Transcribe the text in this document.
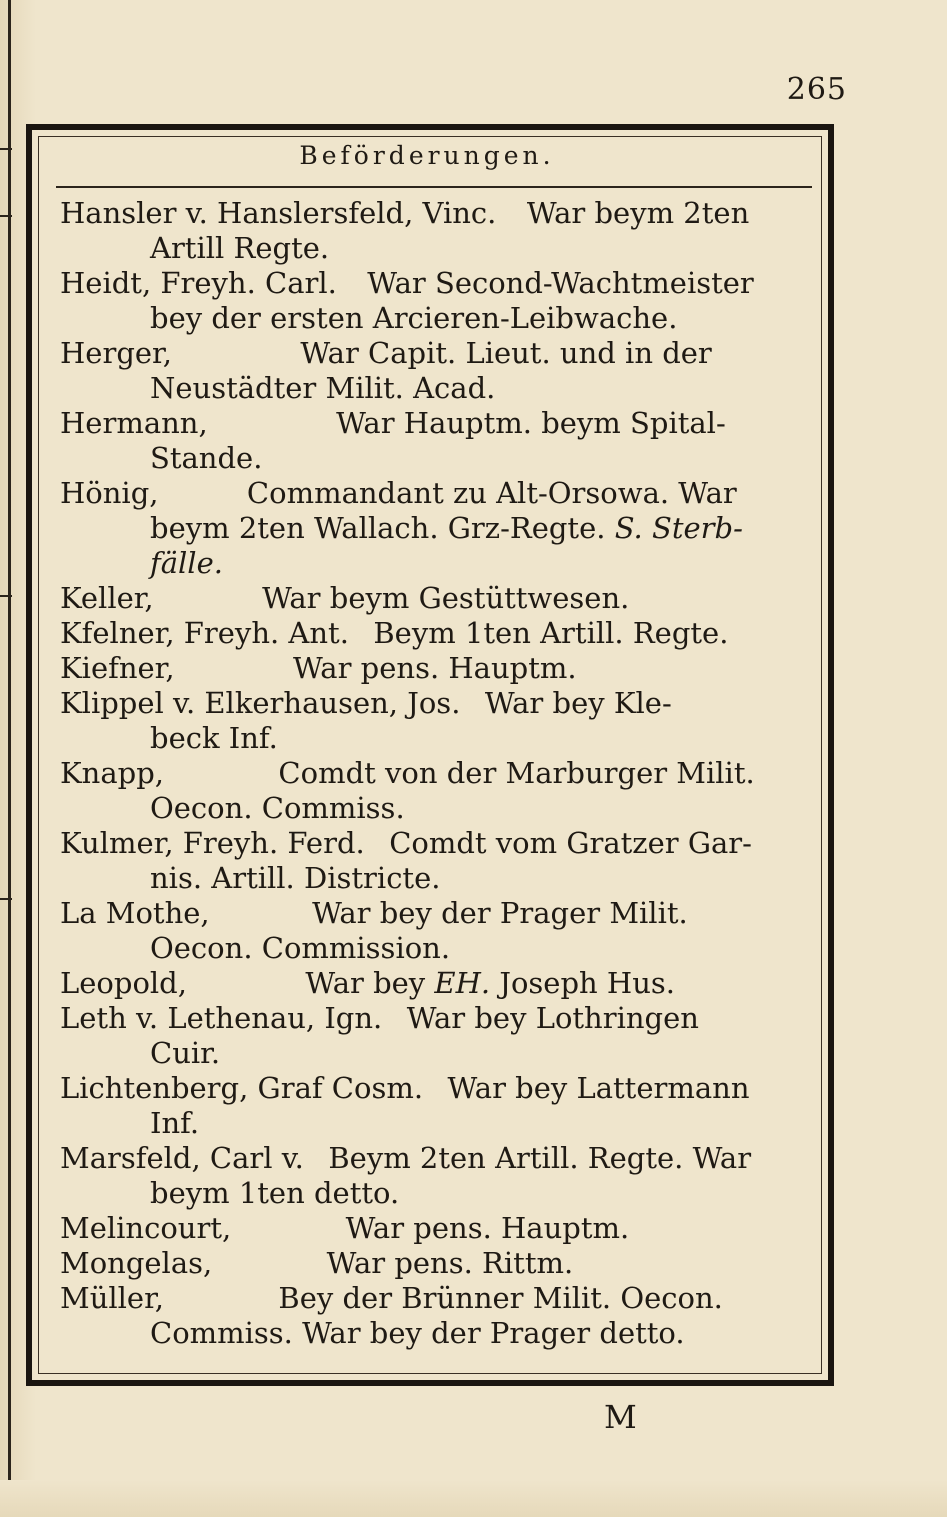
265
Beförderungen.
Hansler v. Hanslersfeld, Vinc. War beym 2ten
Artill Regte.
Heidt, Freyh. Carl. War Second-Wachtmeister
bey der ersten Arcieren-Leibwache.
Herger,	War Capit. Lieut. und in der
Neustädter Milit. Acad.
Hermann,	War Hauptm. beym Spital-
Stande.
Hönig,	Commandant zu Alt-Orsowa. War
beym 2ten Wallach. Grz-Regte. S. Sterb-
fälle.
Keller,	War beym Gestüttwesen.
Kfelner, Freyh. Ant. Beym 1ten Artill. Regte.
Kiefner,	War pens. Hauptm.
Klippel v. Elkerhausen, Jos. War bey Kle-
beck Inf.
Knapp,	Comdt von der Marburger Milit.
Oecon. Commiss.
Kulmer, Freyh. Ferd. Comdt vom Gratzer Gar-
nis. Artill. Districte.
La Mothe,	War bey der Prager Milit.
Oecon. Commission.
Leopold,	War bey EH. Joseph Hus.
Leth v. Lethenau, Ign. War bey Lothringen
Cuir.
Lichtenberg, Graf Cosm. War bey Lattermann
Inf.
Marsfeld, Carl v. Beym 2ten Artill. Regte. War
beym 1ten detto.
Melincourt,	War pens. Hauptm.
Mongelas,	War pens. Rittm.
Müller,	Bey der Brünner Milit. Oecon.
Commiss. War bey der Prager detto.
M
